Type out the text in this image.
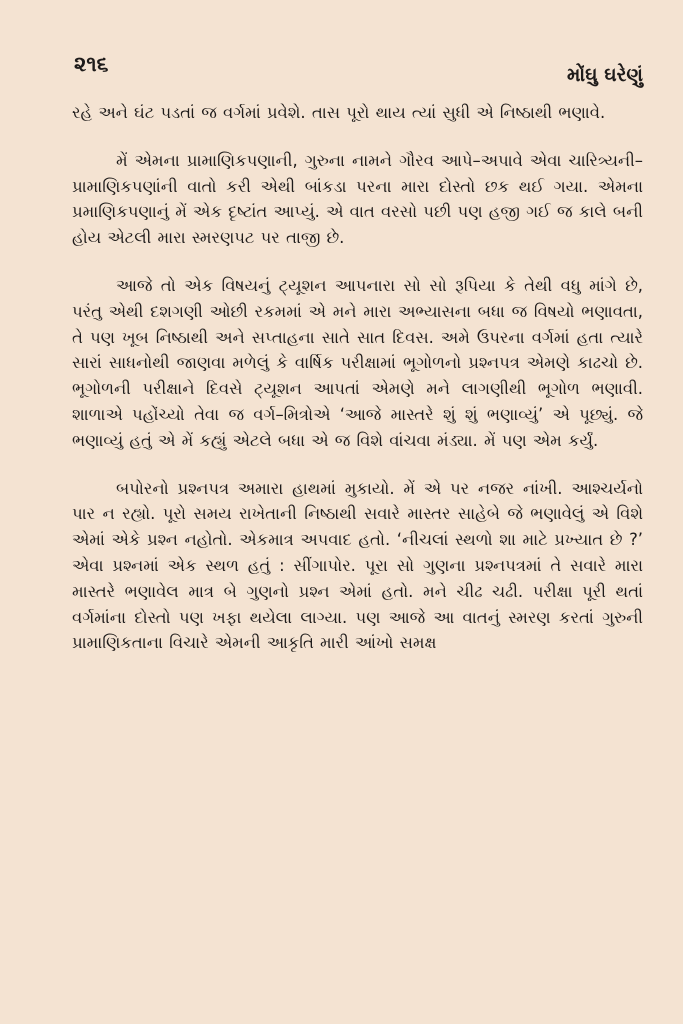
૨૧૬	મોંઘુ ઘરેણું

રહે અને ઘંટ પડતાં જ વર્ગમાં પ્રવેશે. તાસ પૂરો થાય ત્યાં સુધી એ નિષ્ઠાથી ભણાવે.

મેં એમના પ્રામાણિકપણાની, ગુરુના નામને ગૌરવ આપે–અપાવે એવા ચારિત્ર્યની–પ્રામાણિકપણાંની વાતો કરી એથી બાંકડા પરના મારા દોસ્તો છક થઈ ગયા. એમના પ્રમાણિકપણાનું મેં એક દૃષ્ટાંત આપ્યું. એ વાત વરસો પછી પણ હજી ગઈ જ કાલે બની હોય એટલી મારા સ્મરણપટ પર તાજી છે.

આજે તો એક વિષયનું ટ્યૂશન આપનારા સો સો રૂપિયા કે તેથી વધુ માંગે છે, પરંતુ એથી દશગણી ઓછી રકમમાં એ મને મારા અભ્યાસના બધા જ વિષયો ભણાવતા, તે પણ ખૂબ નિષ્ઠાથી અને સપ્તાહના સાતે સાત દિવસ. અમે ઉપરના વર્ગમાં હતા ત્યારે સારાં સાધનોથી જાણવા મળેલું કે વાર્ષિક પરીક્ષામાં ભૂગોળનો પ્રશ્નપત્ર એમણે કાઢચો છે. ભૂગોળની પરીક્ષાને દિવસે ટ્યૂશન આપતાં એમણે મને લાગણીથી ભૂગોળ ભણાવી. શાળાએ પહોંચ્યો તેવા જ વર્ગ–મિત્રોએ ‘આજે માસ્તરે શું શું ભણાવ્યું’ એ પૂછ્યું. જે ભણાવ્યું હતું એ મેં કહ્યું એટલે બધા એ જ વિશે વાંચવા મંડ્યા. મેં પણ એમ કર્યું.

બપોરનો પ્રશ્નપત્ર અમારા હાથમાં મુકાયો. મેં એ પર નજર નાંખી. આશ્ચર્યનો પાર ન રહ્યો. પૂરો સમય રાખેતાની નિષ્ઠાથી સવારે માસ્તર સાહેબે જે ભણાવેલું એ વિશે એમાં એકે પ્રશ્ન નહોતો. એકમાત્ર અપવાદ હતો. ‘નીચલાં સ્થળો શા માટે પ્રખ્યાત છે ?’ એવા પ્રશ્નમાં એક સ્થળ હતું : સીંગાપોર. પૂરા સો ગુણના પ્રશ્નપત્રમાં તે સવારે મારા માસ્તરે ભણાવેલ માત્ર બે ગુણનો પ્રશ્ન એમાં હતો. મને ચીઢ ચઢી. પરીક્ષા પૂરી થતાં વર્ગમાંના દોસ્તો પણ ખફા થયેલા લાગ્યા. પણ આજે આ વાતનું સ્મરણ કરતાં ગુરુની પ્રામાણિકતાના વિચારે એમની આકૃતિ મારી આંખો સમક્ષ
